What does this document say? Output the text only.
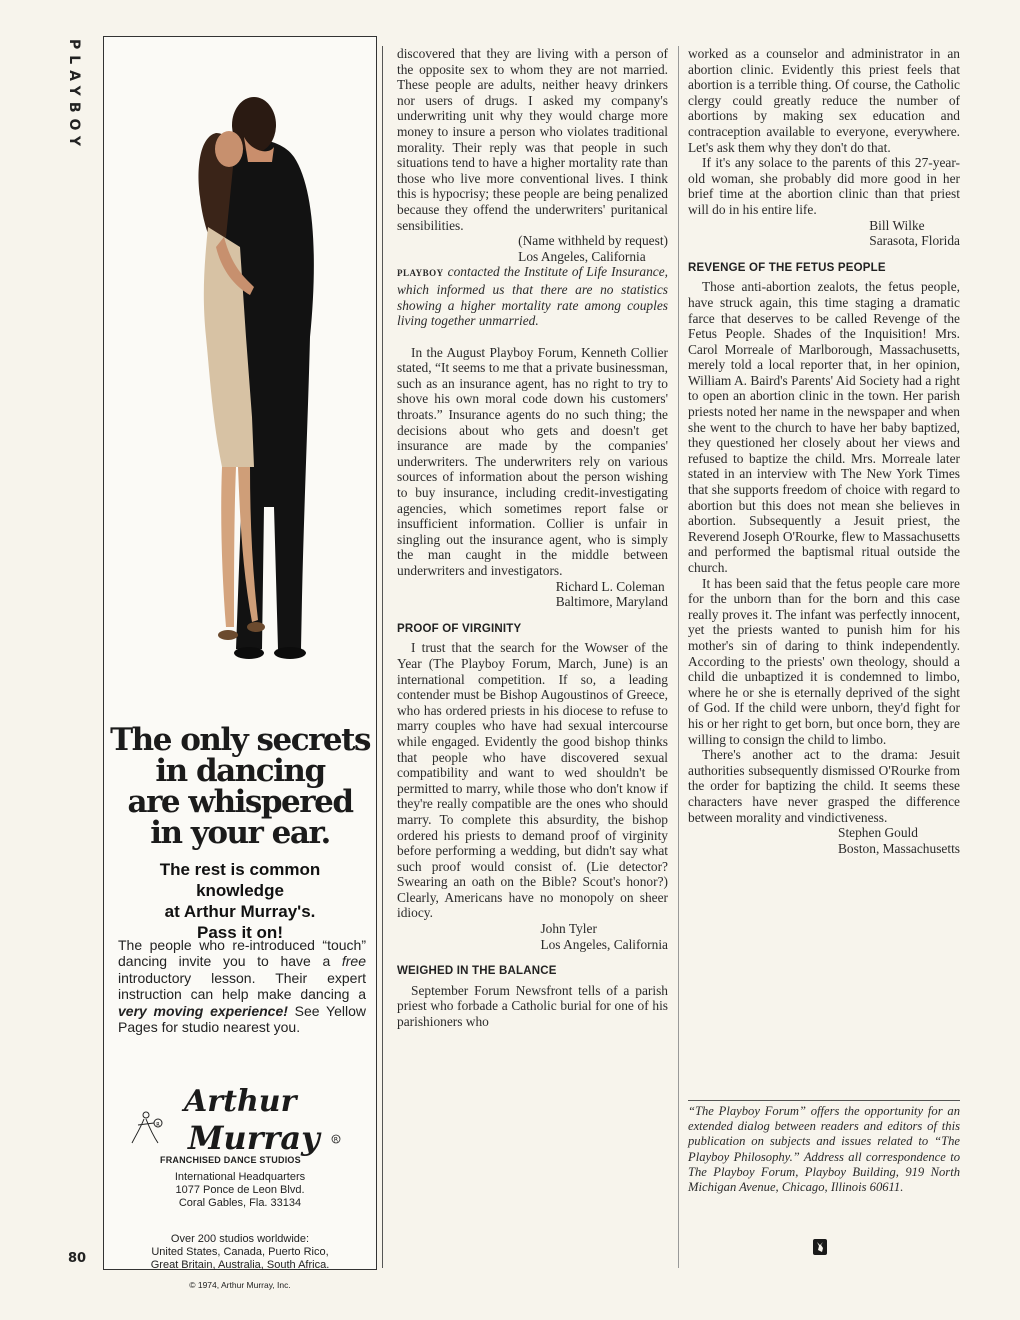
PLAYBOY
80
The only secrets
in dancing
are whispered
in your ear.
The rest is common knowledge
at Arthur Murray's.
Pass it on!
The people who re-introduced “touch” dancing invite you to have a free introductory lesson. Their expert instruction can help make dancing a very moving experience! See Yellow Pages for studio nearest you.
R
Arthur
Murray	R
FRANCHISED DANCE STUDIOS
International Headquarters
1077 Ponce de Leon Blvd.
Coral Gables, Fla. 33134
Over 200 studios worldwide:
United States, Canada, Puerto Rico,
Great Britain, Australia, South Africa.
© 1974, Arthur Murray, Inc.

discovered that they are living with a person of the opposite sex to whom they are not married. These people are adults, neither heavy drinkers nor users of drugs. I asked my company's underwriting unit why they would charge more money to insure a person who violates traditional morality. Their reply was that people in such situations tend to have a higher mortality rate than those who live more conventional lives. I think this is hypocrisy; these people are being penalized because they offend the underwriters' puritanical sensibilities.

(Name withheld by request)
Los Angeles, California

PLAYBOY contacted the Institute of Life Insurance, which informed us that there are no statistics showing a higher mortality rate among couples living together unmarried.

In the August Playboy Forum, Kenneth Collier stated, “It seems to me that a private businessman, such as an insurance agent, has no right to try to shove his own moral code down his customers' throats.” Insurance agents do no such thing; the decisions about who gets and doesn't get insurance are made by the companies' underwriters. The underwriters rely on various sources of information about the person wishing to buy insurance, including credit-investigating agencies, which sometimes report false or insufficient information. Collier is unfair in singling out the insurance agent, who is simply the man caught in the middle between underwriters and investigators.

Richard L. Coleman
Baltimore, Maryland

PROOF OF VIRGINITY

I trust that the search for the Wowser of the Year (The Playboy Forum, March, June) is an international competition. If so, a leading contender must be Bishop Augoustinos of Greece, who has ordered priests in his diocese to refuse to marry couples who have had sexual intercourse while engaged. Evidently the good bishop thinks that people who have discovered sexual compatibility and want to wed shouldn't be permitted to marry, while those who don't know if they're really compatible are the ones who should marry. To complete this absurdity, the bishop ordered his priests to demand proof of virginity before performing a wedding, but didn't say what such proof would consist of. (Lie detector? Swearing an oath on the Bible? Scout's honor?) Clearly, Americans have no monopoly on sheer idiocy.

John Tyler
Los Angeles, California

WEIGHED IN THE BALANCE

September Forum Newsfront tells of a parish priest who forbade a Catholic burial for one of his parishioners who

worked as a counselor and administrator in an abortion clinic. Evidently this priest feels that abortion is a terrible thing. Of course, the Catholic clergy could greatly reduce the number of abortions by making sex education and contraception available to everyone, everywhere. Let's ask them why they don't do that.

If it's any solace to the parents of this 27-year-old woman, she probably did more good in her brief time at the abortion clinic than that priest will do in his entire life.

Bill Wilke
Sarasota, Florida

REVENGE OF THE FETUS PEOPLE

Those anti-abortion zealots, the fetus people, have struck again, this time staging a dramatic farce that deserves to be called Revenge of the Fetus People. Shades of the Inquisition! Mrs. Carol Morreale of Marlborough, Massachusetts, merely told a local reporter that, in her opinion, William A. Baird's Parents' Aid Society had a right to open an abortion clinic in the town. Her parish priests noted her name in the newspaper and when she went to the church to have her baby baptized, they questioned her closely about her views and refused to baptize the child. Mrs. Morreale later stated in an interview with The New York Times that she supports freedom of choice with regard to abortion but this does not mean she believes in abortion. Subsequently a Jesuit priest, the Reverend Joseph O'Rourke, flew to Massachusetts and performed the baptismal ritual outside the church.

It has been said that the fetus people care more for the unborn than for the born and this case really proves it. The infant was perfectly innocent, yet the priests wanted to punish him for his mother's sin of daring to think independently. According to the priests' own theology, should a child die unbaptized it is condemned to limbo, where he or she is eternally deprived of the sight of God. If the child were unborn, they'd fight for his or her right to get born, but once born, they are willing to consign the child to limbo.

There's another act to the drama: Jesuit authorities subsequently dismissed O'Rourke from the order for baptizing the child. It seems these characters have never grasped the difference between morality and vindictiveness.

Stephen Gould
Boston, Massachusetts

“The Playboy Forum” offers the opportunity for an extended dialog between readers and editors of this publication on subjects and issues related to “The Playboy Philosophy.” Address all correspondence to The Playboy Forum, Playboy Building, 919 North Michigan Avenue, Chicago, Illinois 60611.
